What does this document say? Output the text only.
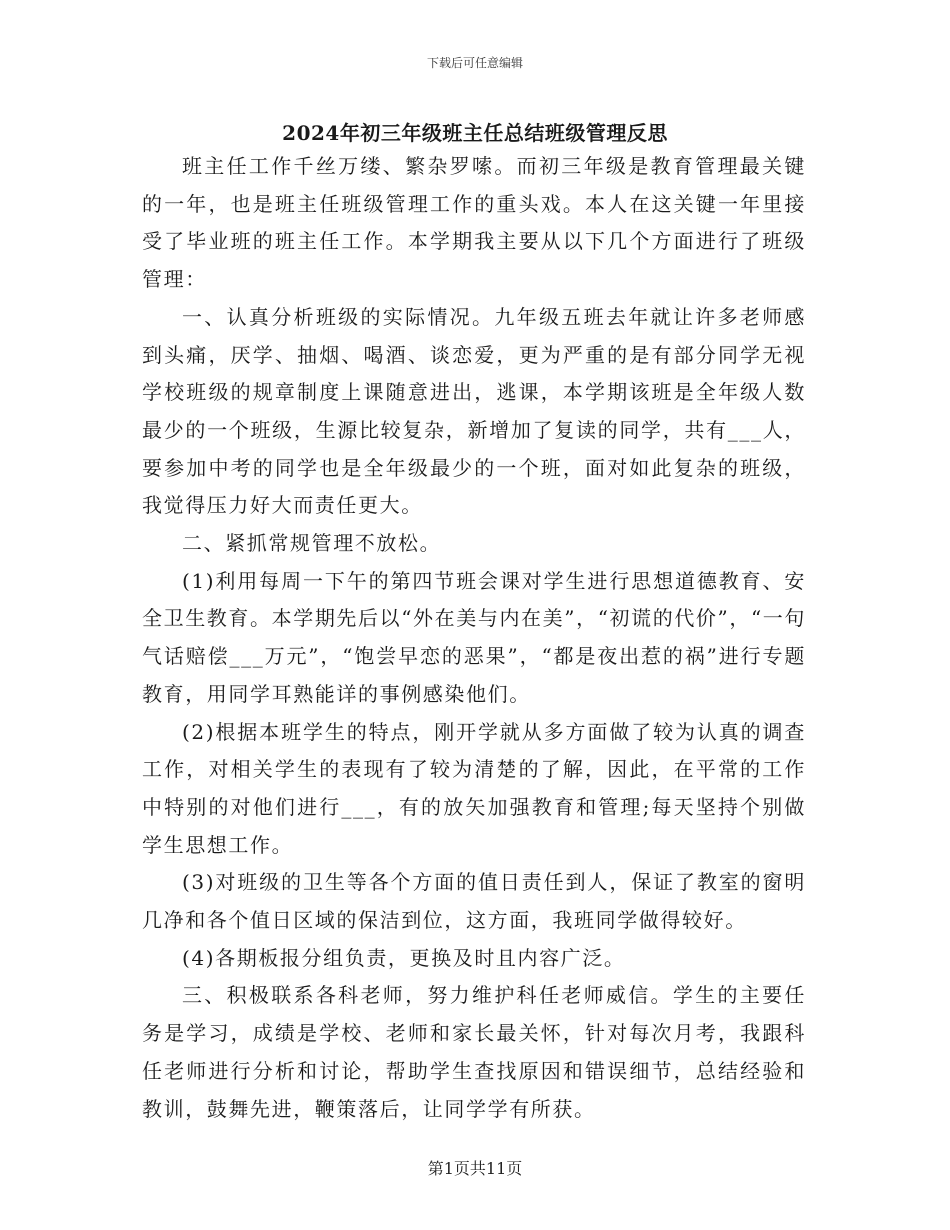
下载后可任意编辑
2024年初三年级班主任总结班级管理反思

班主任工作千丝万缕、繁杂罗嗦。而初三年级是教育管理最关键的一年，也是班主任班级管理工作的重头戏。本人在这关键一年里接受了毕业班的班主任工作。本学期我主要从以下几个方面进行了班级管理：

一、认真分析班级的实际情况。九年级五班去年就让许多老师感到头痛，厌学、抽烟、喝酒、谈恋爱，更为严重的是有部分同学无视学校班级的规章制度上课随意进出，逃课，本学期该班是全年级人数最少的一个班级，生源比较复杂，新增加了复读的同学，共有___人，要参加中考的同学也是全年级最少的一个班，面对如此复杂的班级，我觉得压力好大而责任更大。

二、紧抓常规管理不放松。

(1)利用每周一下午的第四节班会课对学生进行思想道德教育、安全卫生教育。本学期先后以“外在美与内在美”，“初谎的代价”，“一句气话赔偿___万元”，“饱尝早恋的恶果”，“都是夜出惹的祸”进行专题教育，用同学耳熟能详的事例感染他们。

(2)根据本班学生的特点，刚开学就从多方面做了较为认真的调查工作，对相关学生的表现有了较为清楚的了解，因此，在平常的工作中特别的对他们进行___，有的放矢加强教育和管理;每天坚持个别做学生思想工作。

(3)对班级的卫生等各个方面的值日责任到人，保证了教室的窗明几净和各个值日区域的保洁到位，这方面，我班同学做得较好。

(4)各期板报分组负责，更换及时且内容广泛。

三、积极联系各科老师，努力维护科任老师威信。学生的主要任务是学习，成绩是学校、老师和家长最关怀，针对每次月考，我跟科任老师进行分析和讨论，帮助学生查找原因和错误细节，总结经验和教训，鼓舞先进，鞭策落后，让同学学有所获。

第1页共11页
